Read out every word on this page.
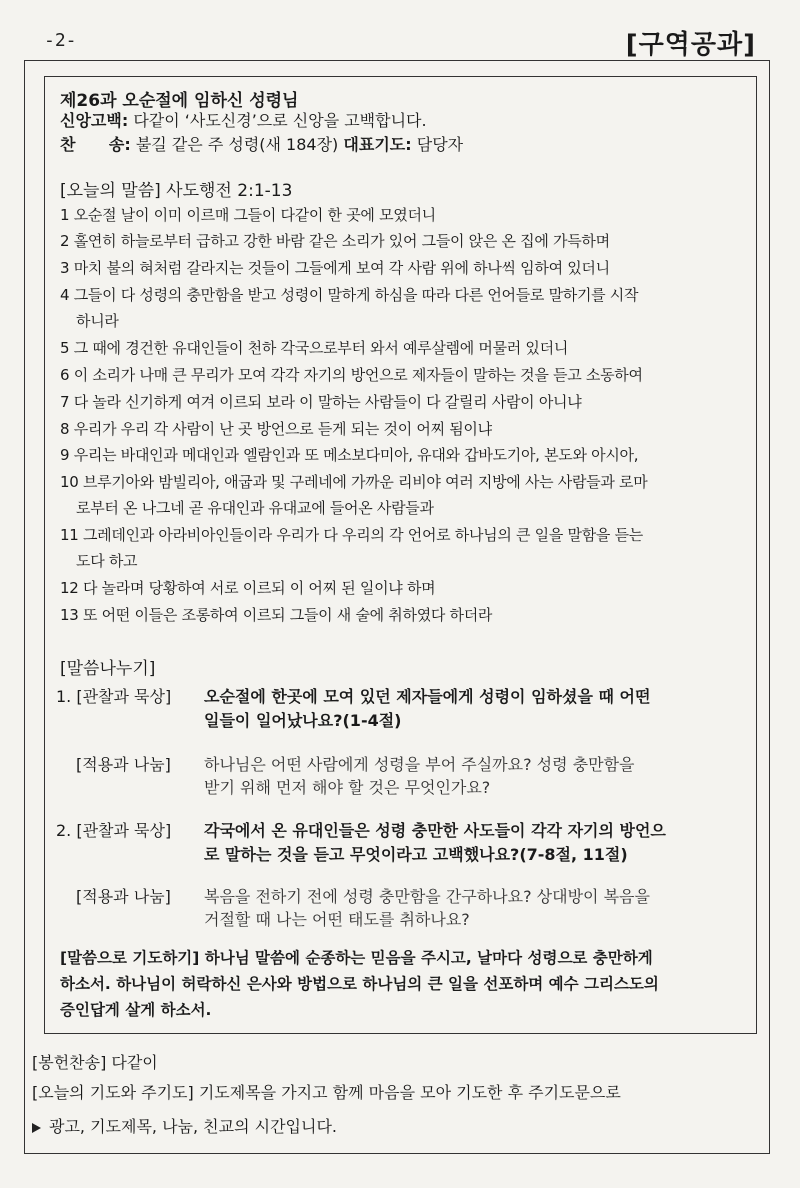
-2-	[구역공과]
제26과 오순절에 임하신 성령님
신앙고백: 다같이 ‘사도신경’으로 신앙을 고백합니다.
찬      송: 불길 같은 주 성령(새 184장) 대표기도: 담당자
[오늘의 말씀] 사도행전 2:1-13
1 오순절 날이 이미 이르매 그들이 다같이 한 곳에 모였더니
2 홀연히 하늘로부터 급하고 강한 바람 같은 소리가 있어 그들이 앉은 온 집에 가득하며
3 마치 불의 혀처럼 갈라지는 것들이 그들에게 보여 각 사람 위에 하나씩 임하여 있더니
4 그들이 다 성령의 충만함을 받고 성령이 말하게 하심을 따라 다른 언어들로 말하기를 시작
하니라
5 그 때에 경건한 유대인들이 천하 각국으로부터 와서 예루살렘에 머물러 있더니
6 이 소리가 나매 큰 무리가 모여 각각 자기의 방언으로 제자들이 말하는 것을 듣고 소동하여
7 다 놀라 신기하게 여겨 이르되 보라 이 말하는 사람들이 다 갈릴리 사람이 아니냐
8 우리가 우리 각 사람이 난 곳 방언으로 듣게 되는 것이 어찌 됨이냐
9 우리는 바대인과 메대인과 엘람인과 또 메소보다미아, 유대와 갑바도기아, 본도와 아시아,
10 브루기아와 밤빌리아, 애굽과 및 구레네에 가까운 리비야 여러 지방에 사는 사람들과 로마
로부터 온 나그네 곧 유대인과 유대교에 들어온 사람들과
11 그레데인과 아라비아인들이라 우리가 다 우리의 각 언어로 하나님의 큰 일을 말함을 듣는
도다 하고
12 다 놀라며 당황하여 서로 이르되 이 어찌 된 일이냐 하며
13 또 어떤 이들은 조롱하여 이르되 그들이 새 술에 취하였다 하더라
[말씀나누기]
1. [관찰과 묵상] 오순절에 한곳에 모여 있던 제자들에게 성령이 임하셨을 때 어떤
일들이 일어났나요?(1-4절)
[적용과 나눔] 하나님은 어떤 사람에게 성령을 부어 주실까요? 성령 충만함을
받기 위해 먼저 해야 할 것은 무엇인가요?
2. [관찰과 묵상] 각국에서 온 유대인들은 성령 충만한 사도들이 각각 자기의 방언으
로 말하는 것을 듣고 무엇이라고 고백했나요?(7-8절, 11절)
[적용과 나눔] 복음을 전하기 전에 성령 충만함을 간구하나요? 상대방이 복음을
거절할 때 나는 어떤 태도를 취하나요?
[말씀으로 기도하기] 하나님 말씀에 순종하는 믿음을 주시고, 날마다 성령으로 충만하게
하소서. 하나님이 허락하신 은사와 방법으로 하나님의 큰 일을 선포하며 예수 그리스도의
증인답게 살게 하소서.
[봉헌찬송] 다같이
[오늘의 기도와 주기도] 기도제목을 가지고 함께 마음을 모아 기도한 후 주기도문으로
광고, 기도제목, 나눔, 친교의 시간입니다.
